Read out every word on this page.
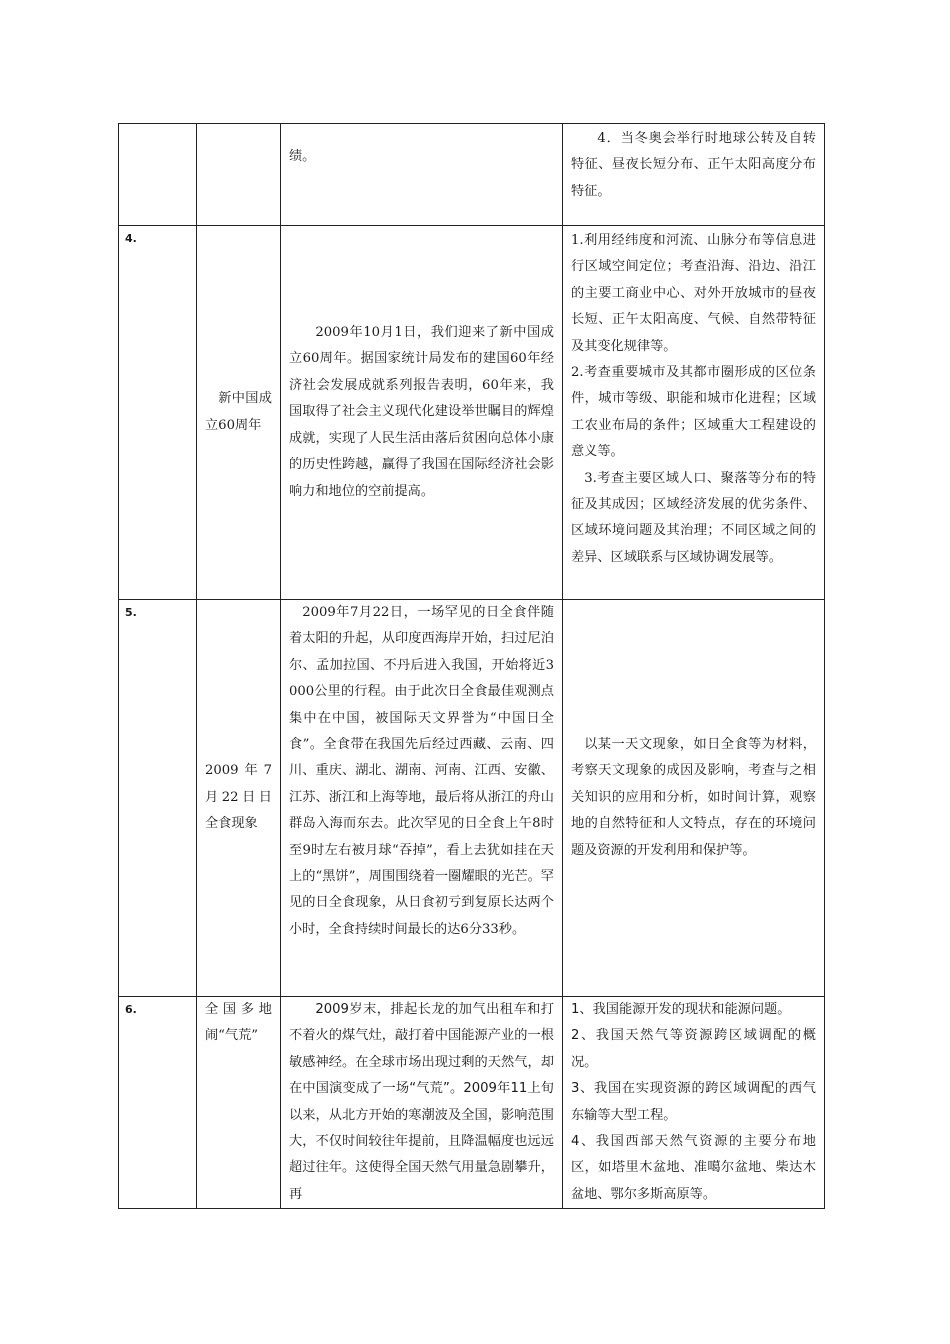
		绩。	4．当冬奥会举行时地球公转及自转特征、昼夜长短分布、正午太阳高度分布特征。

4.	新中国成立60周年	2009年10月1日，我们迎来了新中国成立60周年。据国家统计局发布的建国60年经济社会发展成就系列报告表明，60年来，我国取得了社会主义现代化建设举世瞩目的辉煌成就，实现了人民生活由落后贫困向总体小康的历史性跨越，赢得了我国在国际经济社会影响力和地位的空前提高。	1.利用经纬度和河流、山脉分布等信息进行区域空间定位；考查沿海、沿边、沿江的主要工商业中心、对外开放城市的昼夜长短、正午太阳高度、气候、自然带特征及其变化规律等。

2.考查重要城市及其都市圈形成的区位条件，城市等级、职能和城市化进程；区域工农业布局的条件；区域重大工程建设的意义等。

3.考查主要区域人口、聚落等分布的特征及其成因；区域经济发展的优劣条件、区域环境问题及其治理；不同区域之间的差异、区域联系与区域协调发展等。

5.	2009年7月22日日全食现象	2009年7月22日，一场罕见的日全食伴随着太阳的升起，从印度西海岸开始，扫过尼泊尔、孟加拉国、不丹后进入我国，开始将近3 000公里的行程。由于此次日全食最佳观测点集中在中国，被国际天文界誉为“中国日全食”。全食带在我国先后经过西藏、云南、四川、重庆、湖北、湖南、河南、江西、安徽、江苏、浙江和上海等地，最后将从浙江的舟山群岛入海而东去。此次罕见的日全食上午8时至9时左右被月球“吞掉”，看上去犹如挂在天上的“黑饼”，周围围绕着一圈耀眼的光芒。罕见的日全食现象，从日食初亏到复原长达两个小时，全食持续时间最长的达6分33秒。	以某一天文现象，如日全食等为材料，考察天文现象的成因及影响，考查与之相关知识的应用和分析，如时间计算，观察地的自然特征和人文特点，存在的环境问题及资源的开发利用和保护等。

6.	全国多地闹“气荒”	2009岁末，排起长龙的加气出租车和打不着火的煤气灶，敲打着中国能源产业的一根敏感神经。在全球市场出现过剩的天然气，却在中国演变成了一场“气荒”。2009年11上旬以来，从北方开始的寒潮波及全国，影响范围大，不仅时间较往年提前，且降温幅度也远远超过往年。这使得全国天然气用量急剧攀升，再	1、我国能源开发的现状和能源问题。

2、我国天然气等资源跨区域调配的概况。

3、我国在实现资源的跨区域调配的西气东输等大型工程。

4、我国西部天然气资源的主要分布地区，如塔里木盆地、准噶尔盆地、柴达木盆地、鄂尔多斯高原等。
